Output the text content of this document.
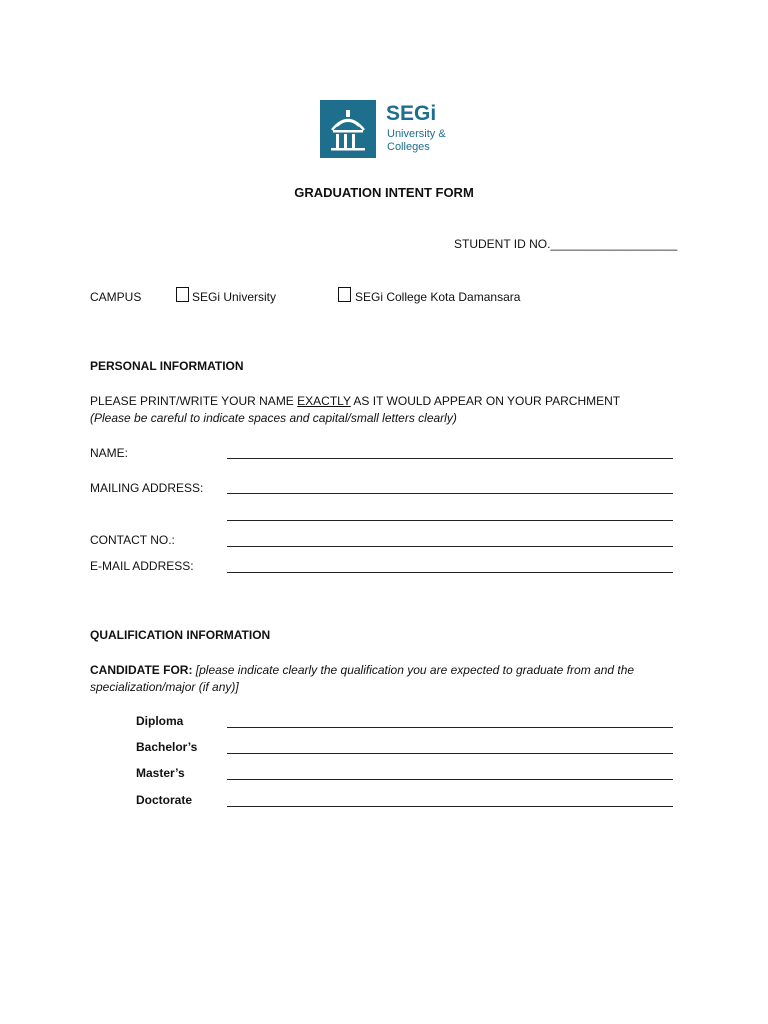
SEGi
University & Colleges
GRADUATION INTENT FORM
STUDENT ID NO.___________________
CAMPUS	SEGi University	SEGi College Kota Damansara
PERSONAL INFORMATION
PLEASE PRINT/WRITE YOUR NAME EXACTLY AS IT WOULD APPEAR ON YOUR PARCHMENT
(Please be careful to indicate spaces and capital/small letters clearly)
NAME:
MAILING ADDRESS:
CONTACT NO.:
E-MAIL ADDRESS:
QUALIFICATION INFORMATION
CANDIDATE FOR: [please indicate clearly the qualification you are expected to graduate from and the
specialization/major (if any)]
Diploma
Bachelor’s
Master’s
Doctorate
